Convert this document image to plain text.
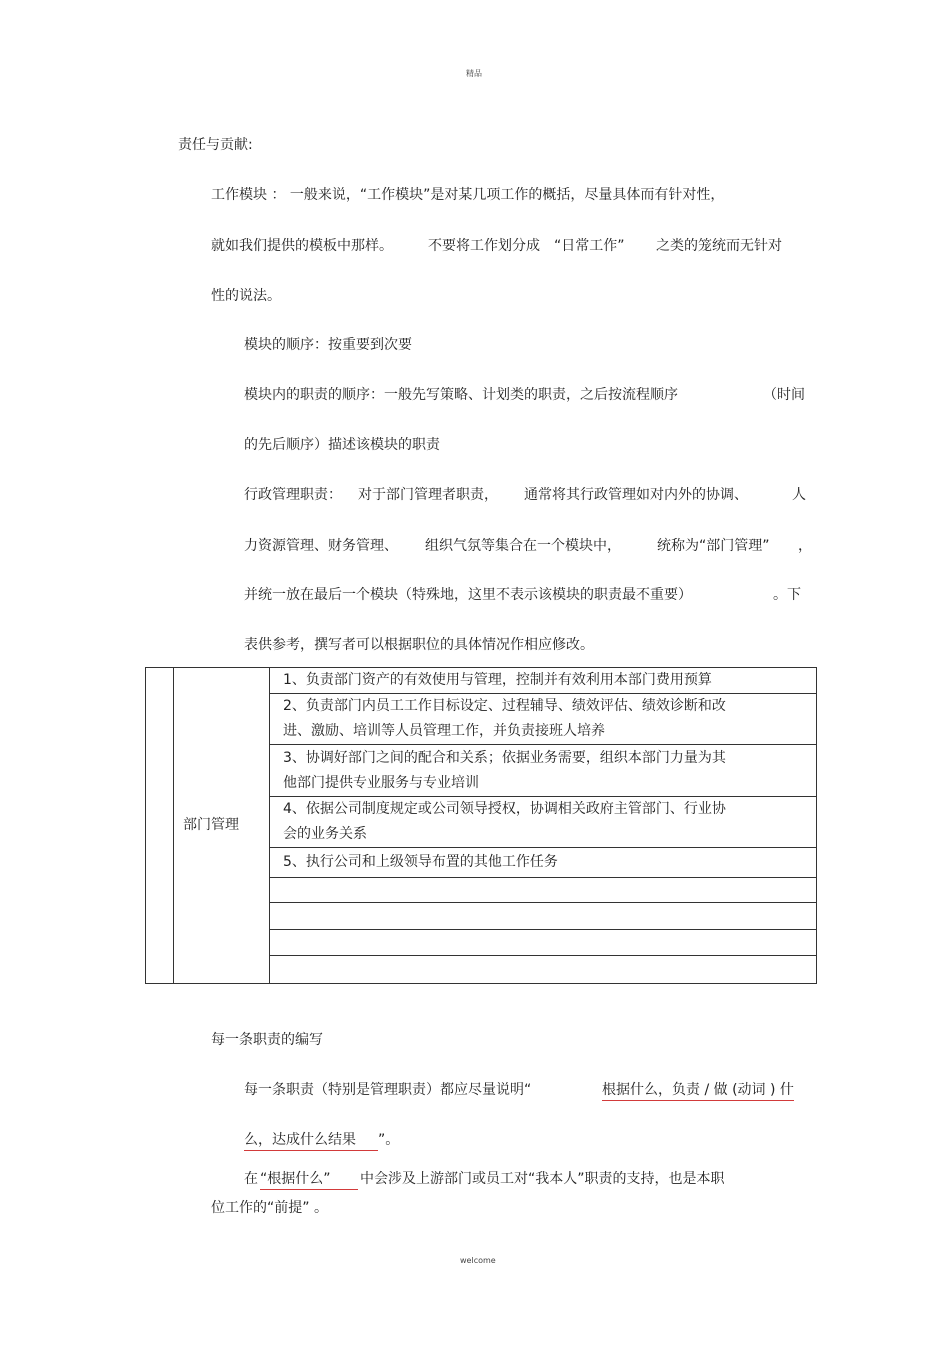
精品
责任与贡献:
工作模块 ： 一般来说，“工作模块”是对某几项工作的概括，尽量具体而有针对性，
就如我们提供的模板中那样。	不要将工作划分成 “日常工作” 之类的笼统而无针对
性的说法。
模块的顺序：按重要到次要
模块内的职责的顺序：一般先写策略、计划类的职责，之后按流程顺序	（时间
的先后顺序）描述该模块的职责
行政管理职责： 对于部门管理者职责， 通常将其行政管理如对内外的协调、	人
力资源管理、财务管理、 组织气氛等集合在一个模块中，	统称为“部门管理” ，
并统一放在最后一个模块（特殊地，这里不表示该模块的职责最不重要）	。下
表供参考，撰写者可以根据职位的具体情况作相应修改。
	部门管理	
1、负责部门资产的有效使用与管理，控制并有效利用本部门费用预算

2、负责部门内员工工作目标设定、过程辅导、绩效评估、绩效诊断和改
进、激励、培训等人员管理工作，并负责接班人培养

3、协调好部门之间的配合和关系；依据业务需要，组织本部门力量为其
他部门提供专业服务与专业培训

4、依据公司制度规定或公司领导授权，协调相关政府主管部门、行业协
会的业务关系

5、执行公司和上级领导布置的其他工作任务

每一条职责的编写
每一条职责（特别是管理职责）都应尽量说明“	根据什么，负责 / 做 (动词 ) 什
么，达成什么结果	”。
在 “根据什么”	中会涉及上游部门或员工对“我本人”职责的支持，也是本职
位工作的“前提” 。
welcome
